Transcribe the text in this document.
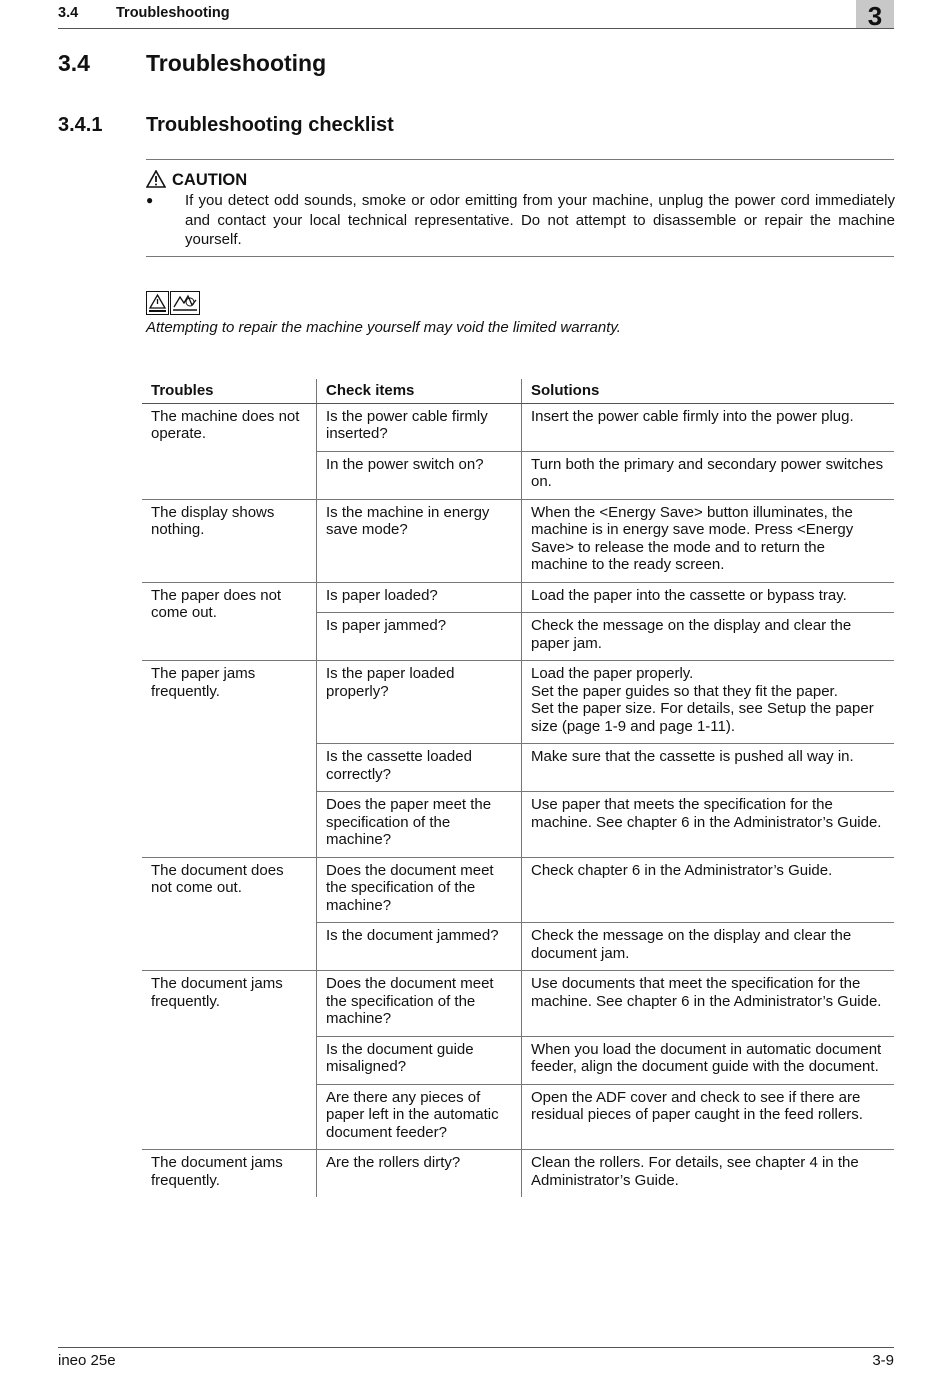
3.4	Troubleshooting	3
3.4 Troubleshooting
3.4.1 Troubleshooting checklist
CAUTION
● If you detect odd sounds, smoke or odor emitting from your machine, unplug the power cord immediately and contact your local technical representative. Do not attempt to disassemble or repair the machine yourself.
Attempting to repair the machine yourself may void the limited warranty.
Troubles	Check items	Solutions
The machine does not operate.	Is the power cable firmly inserted?	Insert the power cable firmly into the power plug.
	In the power switch on?	Turn both the primary and secondary power switches on.
The display shows nothing.	Is the machine in energy save mode?	When the <Energy Save> button illuminates, the machine is in energy save mode. Press <Energy Save> to release the mode and to return the machine to the ready screen.
The paper does not come out.	Is paper loaded?	Load the paper into the cassette or bypass tray.
	Is paper jammed?	Check the message on the display and clear the paper jam.
The paper jams frequently.	Is the paper loaded properly?	Load the paper properly.
Set the paper guides so that they fit the paper.
Set the paper size. For details, see Setup the paper size (page 1-9 and page 1-11).
	Is the cassette loaded correctly?	Make sure that the cassette is pushed all way in.
	Does the paper meet the specification of the machine?	Use paper that meets the specification for the machine. See chapter 6 in the Administrator’s Guide.
The document does not come out.	Does the document meet the specification of the machine?	Check chapter 6 in the Administrator’s Guide.
	Is the document jammed?	Check the message on the display and clear the document jam.
The document jams frequently.	Does the document meet the specification of the machine?	Use documents that meet the specification for the machine. See chapter 6 in the Administrator’s Guide.
	Is the document guide misaligned?	When you load the document in automatic document feeder, align the document guide with the document.
	Are there any pieces of paper left in the automatic document feeder?	Open the ADF cover and check to see if there are residual pieces of paper caught in the feed rollers.
The document jams frequently.	Are the rollers dirty?	Clean the rollers. For details, see chapter 4 in the Administrator’s Guide.
ineo 25e	3-9
